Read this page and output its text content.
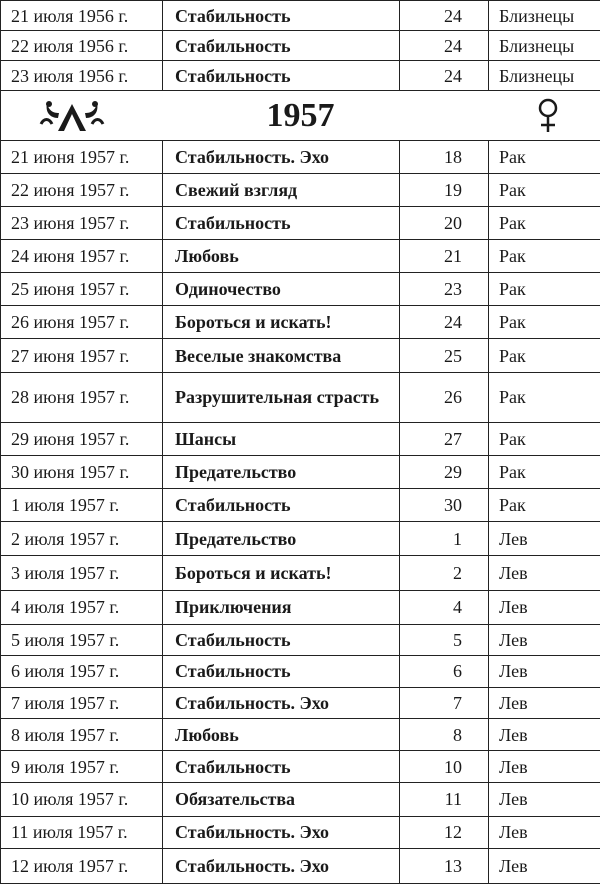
21 июля 1956 г.	Стабильность	24	Близнецы
22 июля 1956 г.	Стабильность	24	Близнецы
23 июля 1956 г.	Стабильность	24	Близнецы

1957			

21 июня 1957 г.	Стабильность. Эхо	18	Рак
22 июня 1957 г.	Свежий взгляд	19	Рак
23 июня 1957 г.	Стабильность	20	Рак
24 июня 1957 г.	Любовь	21	Рак
25 июня 1957 г.	Одиночество	23	Рак
26 июня 1957 г.	Бороться и искать!	24	Рак
27 июня 1957 г.	Веселые знакомства	25	Рак
28 июня 1957 г.	Разрушительная страсть	26	Рак
29 июня 1957 г.	Шансы	27	Рак
30 июня 1957 г.	Предательство	29	Рак
1 июля 1957 г.	Стабильность	30	Рак
2 июля 1957 г.	Предательство	1	Лев
3 июля 1957 г.	Бороться и искать!	2	Лев
4 июля 1957 г.	Приключения	4	Лев
5 июля 1957 г.	Стабильность	5	Лев
6 июля 1957 г.	Стабильность	6	Лев
7 июля 1957 г.	Стабильность. Эхо	7	Лев
8 июля 1957 г.	Любовь	8	Лев
9 июля 1957 г.	Стабильность	10	Лев
10 июля 1957 г.	Обязательства	11	Лев
11 июля 1957 г.	Стабильность. Эхо	12	Лев
12 июля 1957 г.	Стабильность. Эхо	13	Лев
